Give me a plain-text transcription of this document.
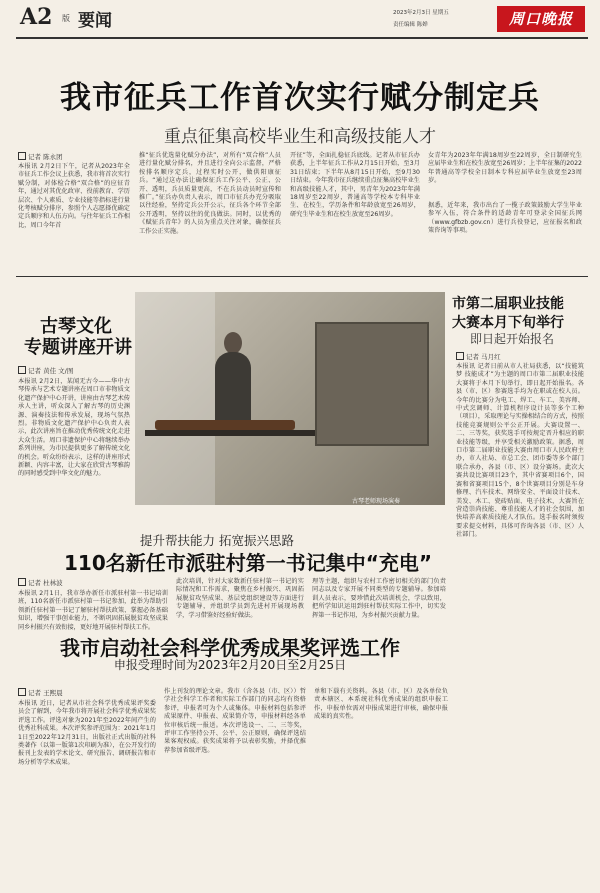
A2 版 要闻	2023年2月3日 星期五
责任编辑 陈婵	周口晚报
我市征兵工作首次实行赋分制定兵
重点征集高校毕业生和高级技能人才
记者 陈永团
本报讯 2月2日下午，记者从2023年全市征兵工作会议上获悉，我市将首次实行赋分制，对体检合格“双合格”的应征青年，通过对其优化政审、役前教育、学历层次、个人素质、专业技能等指标进行量化考核赋分排序，参照个人志愿择优确定定兵顺序和人伍方向。与往年征兵工作相比，周口今年首
推“征兵优选量化赋分办法”，对所有“双合格”人员进行量化赋分排名，并且进行全向公示监督，严格按排名顺序定兵，过程实时公开，做供阳康征兵。“通过这办法让确保征兵工作公平、公正、公开、透明，兵员质量更高，不在兵员动员时宣传和推广。”征兵办负责人表示，周口市征兵办充分吸取以往经验，坚持定兵公开公示，征兵各个环节全部公开透明，坚持以往的优良做法。同时，以优秀的《赋征兵青年》的人员为重点关注对象，确保征兵工作公正实施。
开征”等，全面扎稳征兵底线。记者从市征兵办获悉，上半年征兵工作从2月15日开始，至3月31日结束；下半年从8月15日开始，至9月30日结束。今年我市征兵继续重点征集高校毕业生和高级技能人才，其中，男青年为2023年年满18周岁至22周岁，普通高等学校本专科毕业生、在校生，学历条件和年龄放宽至26周岁，研究生毕业生和在校生放宽至26周岁。
女青年为2023年年满18周岁至22周岁，全日制研究生应届毕业生和在校生放宽至26周岁；上半年征集的2022年普通高等学校全日制本专科应届毕业生放宽至23周岁。
据悉，近年来，我市出台了一揽子政策鼓励大学生毕业参军入伍，符合条件的适龄青年可登录全国征兵网（www.gfbzb.gov.cn）进行兵役登记，应征报名和政策咨询等事项。
古琴文化
专题讲座开讲
记者 黄佳 文/图
本报讯 2月2日，某闻无古今——华中古琴传承与艺术专题讲座在周口市非物质文化遗产保护中心开讲，讲座由古琴艺术传承人主讲，听众深入了解古琴的历史渊源、演奏技法和传承发展，现场气氛热烈。非物质文化遗产保护中心负责人表示，此次讲座旨在推动优秀传统文化走进大众生活。周口非遗保护中心将继续举办系列讲座，为市民提供更多了解传统文化的机会。听众纷纷表示，这样的讲座形式新颖、内容丰富，让大家在欣赏古琴雅韵的同时感受到中华文化的魅力。
古琴老师现场演奏
市第二届职业技能
大赛本月下旬举行
即日起开始报名
记者 马月红
本报讯 记者日前从市人社局获悉，以“技能筑梦 技能成才”为主题的周口市第二届职业技能大赛将于本月下旬举行，即日起开始报名。各县（市、区）参赛选手均为在职或在校人员。今年的比赛分为电工、焊工、车工、美容师、中式烹调师、计算机程序设计员等多个工种（项目），采取理论与实操相结合的方式，按照技能竞赛规则公平公正开展。大赛设置一、二、三等奖，获奖选手可按规定晋升相应的职业技能等级，并享受相关激励政策。据悉，周口市第二届职业技能大赛由周口市人民政府主办，市人社局、市总工会、团市委等多个部门联合承办，各县（市、区）设分赛场。此次大赛共设比赛项目23个，其中省赛项目6个，国赛和省赛项目15个，8个世赛项目分别是车身修理、汽车技术、网络安全、平面设计技术、美发、木工、瓷砖贴面、电子技术，大赛旨在营造崇尚技能、尊重技能人才的社会氛围，加快培养高素质技能人才队伍。选手报名时须按要求提交材料，具体可咨询各县（市、区）人社部门。
提升帮扶能力 拓宽振兴思路
110名新任市派驻村第一书记集中“充电”
记者 杜林波
本报讯 2月1日，我市举办新任市派驻村第一书记培训班，110名新任市派驻村第一书记参加，此举为帮助引领新任驻村第一书记了解驻村帮扶政策、掌握必备基础知识，增强干事创业能力，不断巩固拓展脱贫攻坚成果同乡村振兴有效衔接，更好地开展驻村帮扶工作。
此次培训，针对大家数新任驻村第一书记的实际情况和工作需求，聚焦在乡村振兴、巩固拓展脱贫攻坚成果、基层党组织建设等方面进行专题辅导，并组织学员到先进村开展现场教学，学习借鉴好经验好做法。
理等主题，组织与农村工作密切相关的部门负责同志以及专家开展不同类型的专题辅导。参加培训人员表示，要珍惜此次培训机会，学以致用，把所学知识运用到驻村帮扶实际工作中，切实发挥第一书记作用，为乡村振兴贡献力量。
我市启动社会科学优秀成果奖评选工作
申报受理时间为2023年2月20日至2月25日
记者 王熙晨
本报讯 近日，记者从市社会科学优秀成果评奖委员会了解到，今年我市将开展社会科学优秀成果奖评选工作。评选对象为2021年至2022年间产生的优秀社科成果。本次评奖参评范围为：2021年1月1日至2022年12月31日，出版社正式出版的社科类著作（以第一版第1次印刷为准），在公开发行的报刊上发表的学术论文、研究报告、调研报告和市场分析等学术成果。
作上刊发的理论文章。我市（含各县（市、区））哲学社会科学工作者和实际工作部门的同志均有资格参评，申报者可为个人或集体。申报材料包括参评成果原件、申报表、成果简介等，申报材料经各单位审核后统一报送。本次评选设一、二、三等奖，评审工作坚持公开、公平、公正原则，确保评选结果客观权威。获奖成果将予以表彰奖励，并择优推荐参加省级评选。
单和下载有关资料。各县（市、区）及各单位负责本辖区、本系统社科优秀成果的组织申报工作，申报单位需对申报成果进行审核，确保申报成果的真实性。
